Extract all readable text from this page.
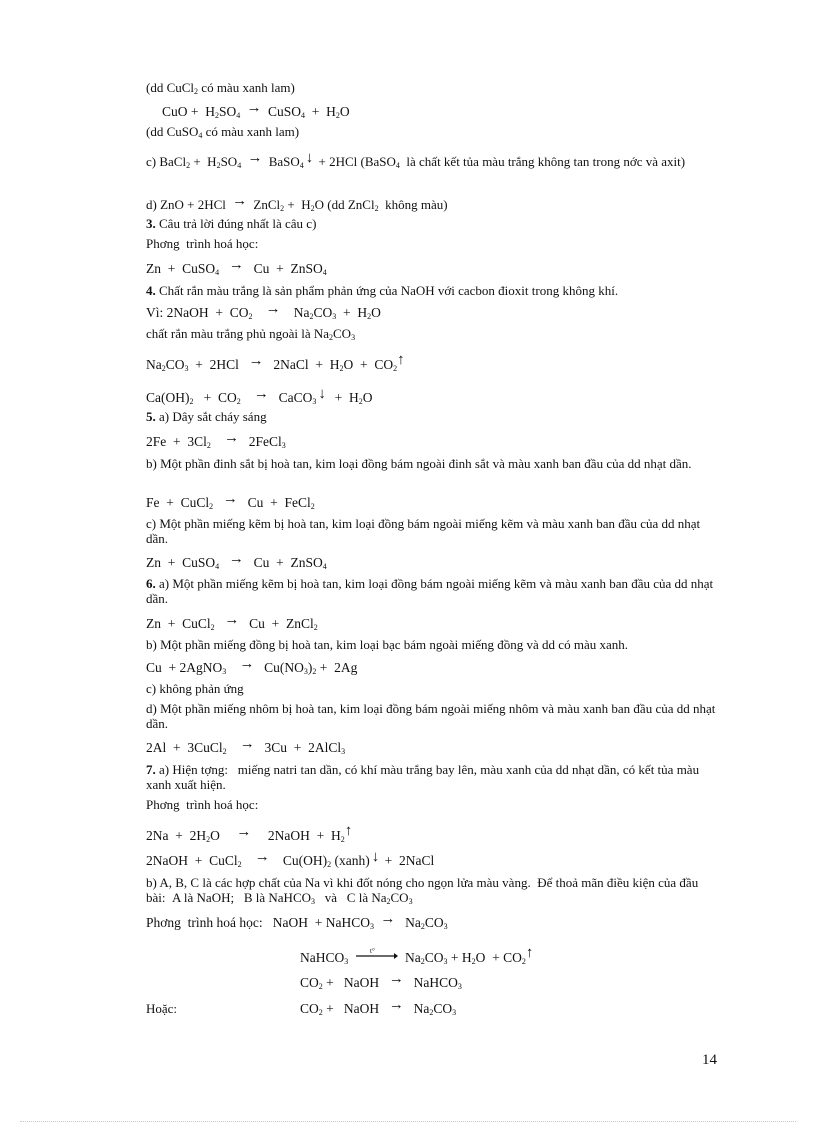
(dd CuCl$_2$ có màu xanh lam)
CuO +  $H_2SO_4$ → CuSO$_4$  +  $H_2O$
(dd CuSO$_4$ có màu xanh lam)
c) BaCl$_2$ +  $H_2SO_4$ → BaSO$_4$ ↓ + 2HCl (BaSO$_4$  là chất kết tủa màu trắng không tan trong nớc và axit)
d) ZnO + 2HCl → ZnCl$_2$ +  $H_2O$ (dd ZnCl$_2$  không màu)
3. Câu trả lời đúng nhất là câu c)
Phơng  trình hoá học:
Zn  +  CuSO$_4$ →  Cu  +  ZnSO$_4$
4. Chất rắn màu trắng là sản phẩm phản ứng của NaOH với cacbon đioxit trong không khí.
Vì: 2NaOH  +  $CO_2 \to Na_2CO_3 + H_2O$
chất rắn màu trắng phủ ngoài là $Na_2CO_3$
$Na_2CO_3 + 2HCl$  →  2NaCl  +  $H_2O$  +  $CO_2↑$
$Ca(OH)_2 + CO_2$ →  CaCO$_3$ ↓  +  $H_2O$
5. a) Dây sắt cháy sáng
$2Fe + 3Cl_2$ →  2FeCl$_3$
b) Một phần đinh sắt bị hoà tan, kim loại đồng bám ngoài đinh sắt và màu xanh ban đầu của dd nhạt dần.
Fe  +  CuCl$_2$ →  Cu  +  FeCl$_2$
c) Một phần miếng kẽm bị hoà tan, kim loại đồng bám ngoài miếng kẽm và màu xanh ban đầu của dd nhạt dần.
Zn  +  CuSO$_4$ →  Cu  +  ZnSO$_4$
6. a) Một phần miếng kẽm bị hoà tan, kim loại đồng bám ngoài miếng kẽm và màu xanh ban đầu của dd nhạt dần.
Zn  +  CuCl$_2$ →  Cu  +  ZnCl$_2$
b) Một phần miếng đồng bị hoà tan, kim loại bạc bám ngoài miếng đồng và dd có màu xanh.
Cu  + 2AgNO$_3$ →  $Cu(NO_3)_2 + 2Ag$
c) không phản ứng
d) Một phần miếng nhôm bị hoà tan, kim loại đồng bám ngoài miếng nhôm và màu xanh ban đầu của dd nhạt dần.
2Al  +  3CuCl$_2$ →  3Cu  +  2AlCl$_3$
7. a) Hiện tợng:   miếng natri tan dần, có khí màu trắng bay lên, màu xanh của dd nhạt dần, có kết tủa màu xanh xuất hiện.
Phơng  trình hoá học:
$2Na + 2H_2O$    →    2NaOH  +  $H_2↑$
2NaOH  +  CuCl$_2$ →   $Cu(OH)_2$ (xanh) ↓ +  2NaCl
b) A, B, C là các hợp chất của Na vì khi đốt nóng cho ngọn lửa màu vàng.  Để thoả mãn điều kiện của đầu bài:  A là NaOH;   B là NaHCO$_3$   và   C là $Na_2CO_3$
Phơng  trình hoá học:   NaOH  + NaHCO$_3$ →  $Na_2CO_3$
NaHCO$_3$
t° $Na_2CO_3 + H_2O$  + $CO_2↑$
$CO_2$ +   NaOH  →  NaHCO$_3$
Hoặc:	$CO_2$ +   NaOH  →  $Na_2CO_3$
14
